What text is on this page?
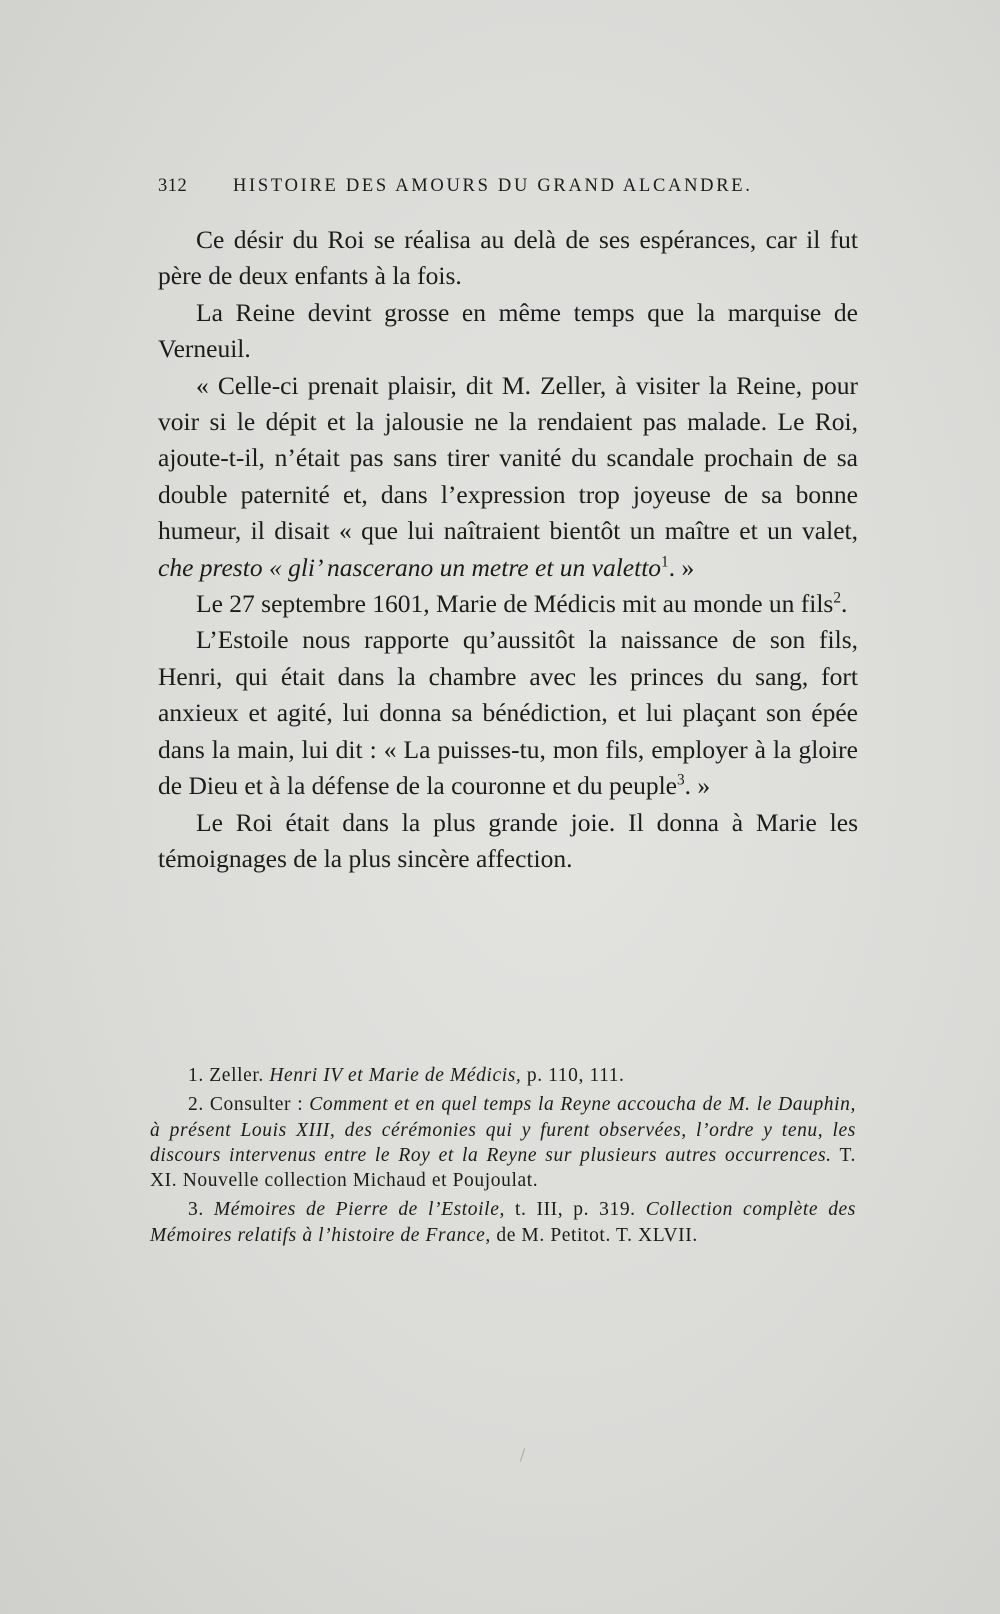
312	HISTOIRE DES AMOURS DU GRAND ALCANDRE.

Ce désir du Roi se réalisa au delà de ses espérances, car il fut père de deux enfants à la fois.

La Reine devint grosse en même temps que la marquise de Verneuil.

« Celle-ci prenait plaisir, dit M. Zeller, à visiter la Reine, pour voir si le dépit et la jalousie ne la rendaient pas malade. Le Roi, ajoute-t-il, n’était pas sans tirer vanité du scandale prochain de sa double paternité et, dans l’expression trop joyeuse de sa bonne humeur, il disait « que lui naîtraient bientôt un maître et un valet, che presto « gli’ nascerano un metre et un valetto$^1$. »

Le 27 septembre 1601, Marie de Médicis mit au monde un fils$^2$.

L’Estoile nous rapporte qu’aussitôt la naissance de son fils, Henri, qui était dans la chambre avec les princes du sang, fort anxieux et agité, lui donna sa bénédiction, et lui plaçant son épée dans la main, lui dit : « La puisses-tu, mon fils, employer à la gloire de Dieu et à la défense de la couronne et du peuple$^3$. »

Le Roi était dans la plus grande joie. Il donna à Marie les témoignages de la plus sincère affection.

1. Zeller. Henri IV et Marie de Médicis, p. 110, 111.

2. Consulter : Comment et en quel temps la Reyne accoucha de M. le Dauphin, à présent Louis XIII, des cérémonies qui y furent observées, l’ordre y tenu, les discours intervenus entre le Roy et la Reyne sur plusieurs autres occurrences. T. XI. Nouvelle collection Michaud et Poujoulat.

3. Mémoires de Pierre de l’Estoile, t. III, p. 319. Collection complète des Mémoires relatifs à l’histoire de France, de M. Petitot. T. XLVII.
